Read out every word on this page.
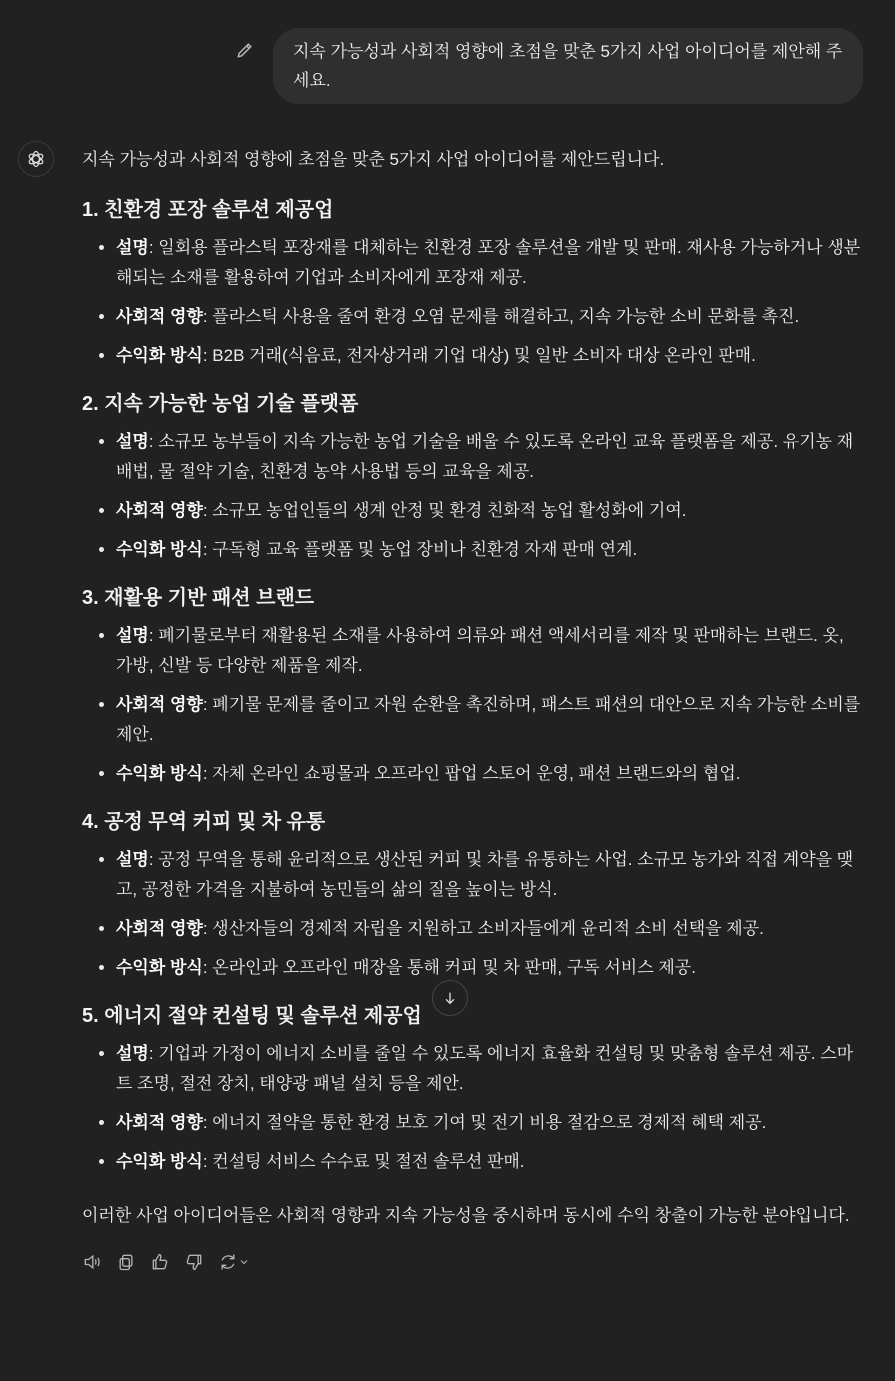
지속 가능성과 사회적 영향에 초점을 맞춘 5가지 사업 아이디어를 제안해 주세요.
지속 가능성과 사회적 영향에 초점을 맞춘 5가지 사업 아이디어를 제안드립니다.
1. 친환경 포장 솔루션 제공업
• 설명: 일회용 플라스틱 포장재를 대체하는 친환경 포장 솔루션을 개발 및 판매. 재사용 가능하거나 생분해되는 소재를 활용하여 기업과 소비자에게 포장재 제공.
• 사회적 영향: 플라스틱 사용을 줄여 환경 오염 문제를 해결하고, 지속 가능한 소비 문화를 촉진.
• 수익화 방식: B2B 거래(식음료, 전자상거래 기업 대상) 및 일반 소비자 대상 온라인 판매.
2. 지속 가능한 농업 기술 플랫폼
• 설명: 소규모 농부들이 지속 가능한 농업 기술을 배울 수 있도록 온라인 교육 플랫폼을 제공. 유기농 재배법, 물 절약 기술, 친환경 농약 사용법 등의 교육을 제공.
• 사회적 영향: 소규모 농업인들의 생계 안정 및 환경 친화적 농업 활성화에 기여.
• 수익화 방식: 구독형 교육 플랫폼 및 농업 장비나 친환경 자재 판매 연계.
3. 재활용 기반 패션 브랜드
• 설명: 폐기물로부터 재활용된 소재를 사용하여 의류와 패션 액세서리를 제작 및 판매하는 브랜드. 옷, 가방, 신발 등 다양한 제품을 제작.
• 사회적 영향: 폐기물 문제를 줄이고 자원 순환을 촉진하며, 패스트 패션의 대안으로 지속 가능한 소비를 제안.
• 수익화 방식: 자체 온라인 쇼핑몰과 오프라인 팝업 스토어 운영, 패션 브랜드와의 협업.
4. 공정 무역 커피 및 차 유통
• 설명: 공정 무역을 통해 윤리적으로 생산된 커피 및 차를 유통하는 사업. 소규모 농가와 직접 계약을 맺고, 공정한 가격을 지불하여 농민들의 삶의 질을 높이는 방식.
• 사회적 영향: 생산자들의 경제적 자립을 지원하고 소비자들에게 윤리적 소비 선택을 제공.
• 수익화 방식: 온라인과 오프라인 매장을 통해 커피 및 차 판매, 구독 서비스 제공.
5. 에너지 절약 컨설팅 및 솔루션 제공업
• 설명: 기업과 가정이 에너지 소비를 줄일 수 있도록 에너지 효율화 컨설팅 및 맞춤형 솔루션 제공. 스마트 조명, 절전 장치, 태양광 패널 설치 등을 제안.
• 사회적 영향: 에너지 절약을 통한 환경 보호 기여 및 전기 비용 절감으로 경제적 혜택 제공.
• 수익화 방식: 컨설팅 서비스 수수료 및 절전 솔루션 판매.
이러한 사업 아이디어들은 사회적 영향과 지속 가능성을 중시하며 동시에 수익 창출이 가능한 분야입니다.
